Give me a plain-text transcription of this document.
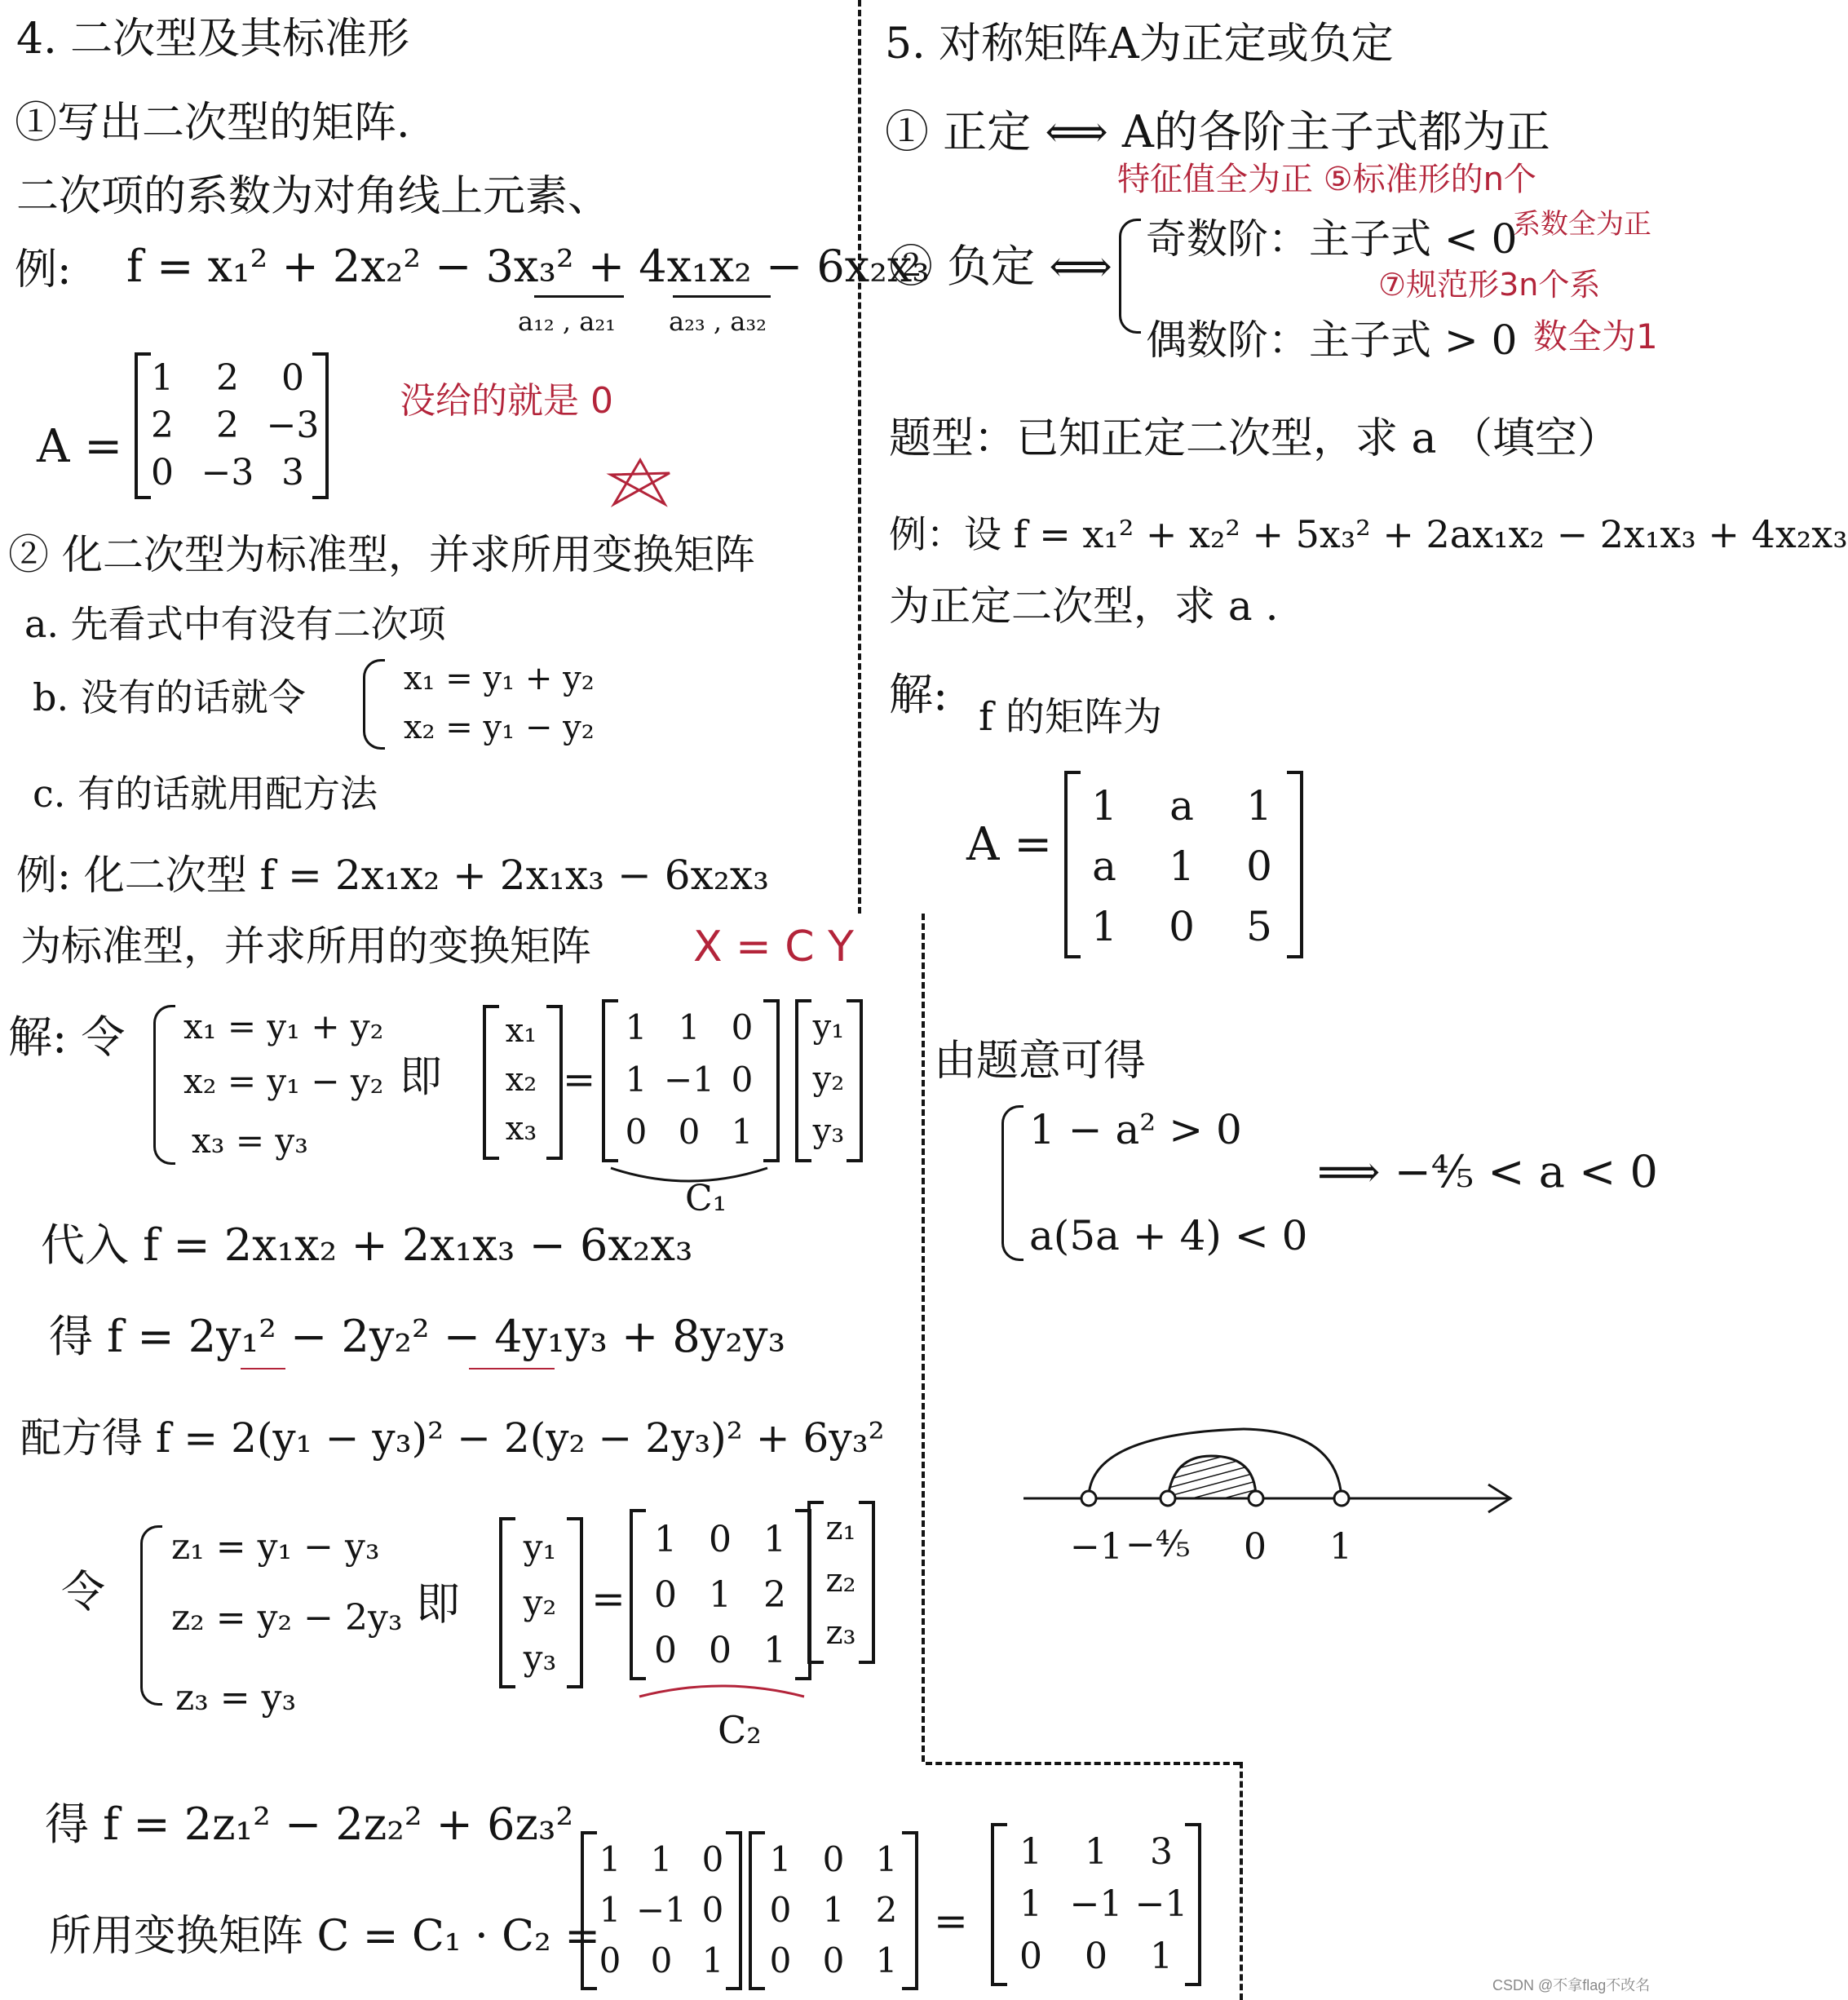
4. 二次型及其标准形
①写出二次型的矩阵.
二次项的系数为对角线上元素、
例: f = x₁² + 2x₂² − 3x₃² + 4x₁x₂ − 6x₂x₃
a₁₂ , a₂₁ a₂₃ , a₃₂
A =
1 2 0
2 2 −3
0 −3 3
没给的就是 0
② 化二次型为标准型，并求所用变换矩阵
a. 先看式中有没有二次项
b. 没有的话就令	x₁ = y₁ + y₂
x₂ = y₁ − y₂
c. 有的话就用配方法
例: 化二次型 f = 2x₁x₂ + 2x₁x₃ − 6x₂x₃
为标准型，并求所用的变换矩阵 X = C Y
解: 令 x₁ = y₁ + y₂
x₂ = y₁ − y₂
x₃ = y₃
即
x₁
x₂
x₃
=
1 1 0
1 −1 0
0 0 1
y₁
y₂
y₃
C₁
代入 f = 2x₁x₂ + 2x₁x₃ − 6x₂x₃
得 f = 2y₁² − 2y₂² − 4y₁y₃ + 8y₂y₃
配方得 f = 2(y₁ − y₃)² − 2(y₂ − 2y₃)² + 6y₃²
令
z₁ = y₁ − y₃
z₂ = y₂ − 2y₃
z₃ = y₃
即
y₁
y₂
y₃
=
1 0 1
0 1 2
0 0 1
z₁
z₂
z₃
C₂
得 f = 2z₁² − 2z₂² + 6z₃²
所用变换矩阵 C = C₁ · C₂ =
1 1 0
1 −1 0
0 0 1
1 0 1
0 1 2
0 0 1
=
1 1 3
1 −1 −1
0 0 1
5. 对称矩阵A为正定或负定
① 正定 ⟺ A的各阶主子式都为正
特征值全为正 ⑤标准形的n个
② 负定 ⟺
奇数阶：主子式 < 0
偶数阶：主子式 > 0
系数全为正
⑦规范形3n个系
数全为1
题型：已知正定二次型，求 a （填空）
例：设 f = x₁² + x₂² + 5x₃² + 2ax₁x₂ − 2x₁x₃ + 4x₂x₃
为正定二次型，求 a .
解: f 的矩阵为
A =
1 a 1
a 1 0
1 0 5
由题意可得
1 − a² > 0
a(5a + 4) < 0
⟹ −⁴⁄₅ < a < 0
−1 −⁴⁄₅ 0 1
CSDN @不拿flag不改名
